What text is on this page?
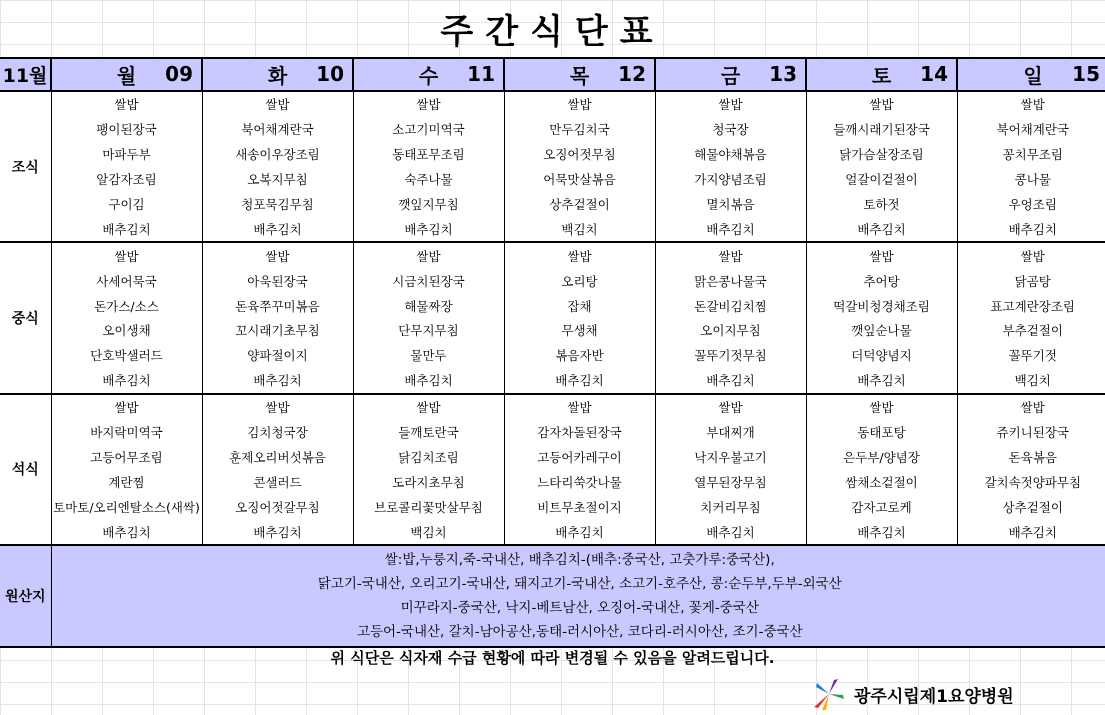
주간식단표
11월	월 09	화 10	수 11	목 12	금 13	토 14	일 15

조식	쌀밥	쌀밥	쌀밥	쌀밥	쌀밥	쌀밥	쌀밥
	팽이된장국	북어채계란국	소고기미역국	만두김치국	청국장	들깨시래기된장국	북어채계란국
	마파두부	새송이우장조림	동태포무조림	오징어젓무침	해물야채볶음	닭가슴살장조림	꽁치무조림
	알감자조림	오복지무침	숙주나물	어묵맛살볶음	가지양념조림	얼갈이겉절이	콩나물
	구이김	청포묵김무침	깻잎지무침	상추겉절이	멸치볶음	토하젓	우엉조림
	배추김치	배추김치	배추김치	백김치	배추김치	배추김치	배추김치
중식	쌀밥	쌀밥	쌀밥	쌀밥	쌀밥	쌀밥	쌀밥
	사세어묵국	아욱된장국	시금치된장국	오리탕	맑은콩나물국	추어탕	닭곰탕
	돈가스/소스	돈육쭈꾸미볶음	해물짜장	잡채	돈갈비김치찜	떡갈비청경채조림	표고계란장조림
	오이생채	꼬시래기초무침	단무지무침	무생채	오이지무침	깻잎순나물	부추겉절이
	단호박샐러드	양파절이지	물만두	볶음자반	꼴뚜기젓무침	더덕양념지	꼴뚜기젓
	배추김치	배추김치	배추김치	배추김치	배추김치	배추김치	백김치
석식	쌀밥	쌀밥	쌀밥	쌀밥	쌀밥	쌀밥	쌀밥
	바지락미역국	김치청국장	들깨토란국	감자차돌된장국	부대찌개	동태포탕	쥬키니된장국
	고등어무조림	훈제오리버섯볶음	닭김치조림	고등어카레구이	낙지우불고기	은두부/양념장	돈육볶음
	계란찜	콘샐러드	도라지초무침	느타리쑥갓나물	열무된장무침	쌈채소겉절이	갈치속젓양파무침
	토마토/오리엔탈소스(새싹)	오징어젓갈무침	브로콜리꽃맛살무침	비트무초절이지	치커리무침	감자고로케	상추겉절이
	배추김치	배추김치	백김치	배추김치	배추김치	배추김치	배추김치
원산지	쌀:밥,누룽지,죽-국내산, 배추김치-(배추:중국산, 고춧가루:중국산),
닭고기-국내산, 오리고기-국내산, 돼지고기-국내산, 소고기-호주산, 콩:순두부,두부-외국산
미꾸라지-중국산, 낙지-베트남산, 오징어-국내산, 꽃게-중국산
고등어-국내산, 갈치-남아공산,동태-러시아산, 코다리-러시아산, 조기-중국산						
위 식단은 식자재 수급 현황에 따라 변경될 수 있음을 알려드립니다.
광주시립제1요양병원
